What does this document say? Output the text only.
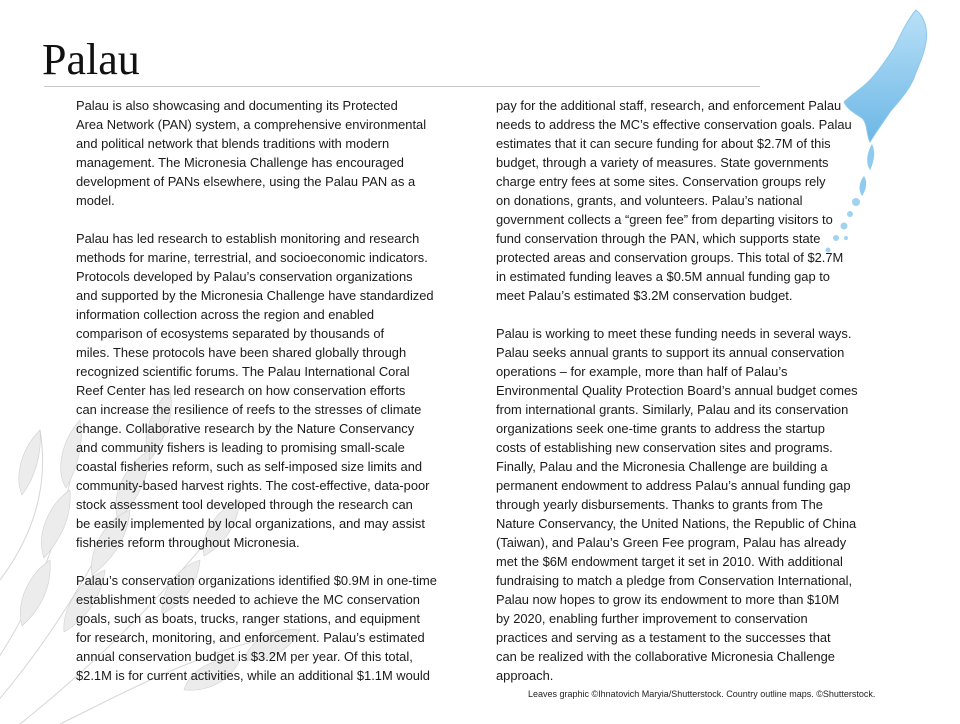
Palau
Palau is also showcasing and documenting its Protected
Area Network (PAN) system, a comprehensive environmental
and political network that blends traditions with modern
management. The Micronesia Challenge has encouraged
development of PANs elsewhere, using the Palau PAN as a
model.
Palau has led research to establish monitoring and research
methods for marine, terrestrial, and socioeconomic indicators.
Protocols developed by Palau’s conservation organizations
and supported by the Micronesia Challenge have standardized
information collection across the region and enabled
comparison of ecosystems separated by thousands of
miles. These protocols have been shared globally through
recognized scientific forums. The Palau International Coral
Reef Center has led research on how conservation efforts
can increase the resilience of reefs to the stresses of climate
change. Collaborative research by the Nature Conservancy
and community fishers is leading to promising small-scale
coastal fisheries reform, such as self-imposed size limits and
community-based harvest rights. The cost-effective, data-poor
stock assessment tool developed through the research can
be easily implemented by local organizations, and may assist
fisheries reform throughout Micronesia.
Palau’s conservation organizations identified $0.9M in one-time
establishment costs needed to achieve the MC conservation
goals, such as boats, trucks, ranger stations, and equipment
for research, monitoring, and enforcement. Palau’s estimated
annual conservation budget is $3.2M per year. Of this total,
$2.1M is for current activities, while an additional $1.1M would
pay for the additional staff, research, and enforcement Palau
needs to address the MC’s effective conservation goals. Palau
estimates that it can secure funding for about $2.7M of this
budget, through a variety of measures. State governments
charge entry fees at some sites. Conservation groups rely
on donations, grants, and volunteers. Palau’s national
government collects a “green fee” from departing visitors to
fund conservation through the PAN, which supports state
protected areas and conservation groups. This total of $2.7M
in estimated funding leaves a $0.5M annual funding gap to
meet Palau’s estimated $3.2M conservation budget.
Palau is working to meet these funding needs in several ways.
Palau seeks annual grants to support its annual conservation
operations – for example, more than half of Palau’s
Environmental Quality Protection Board’s annual budget comes
from international grants. Similarly, Palau and its conservation
organizations seek one-time grants to address the startup
costs of establishing new conservation sites and programs.
Finally, Palau and the Micronesia Challenge are building a
permanent endowment to address Palau’s annual funding gap
through yearly disbursements. Thanks to grants from The
Nature Conservancy, the United Nations, the Republic of China
(Taiwan), and Palau’s Green Fee program, Palau has already
met the $6M endowment target it set in 2010. With additional
fundraising to match a pledge from Conservation International,
Palau now hopes to grow its endowment to more than $10M
by 2020, enabling further improvement to conservation
practices and serving as a testament to the successes that
can be realized with the collaborative Micronesia Challenge
approach.
Leaves graphic ©Ihnatovich Maryia/Shutterstock. Country outline maps. ©Shutterstock.
